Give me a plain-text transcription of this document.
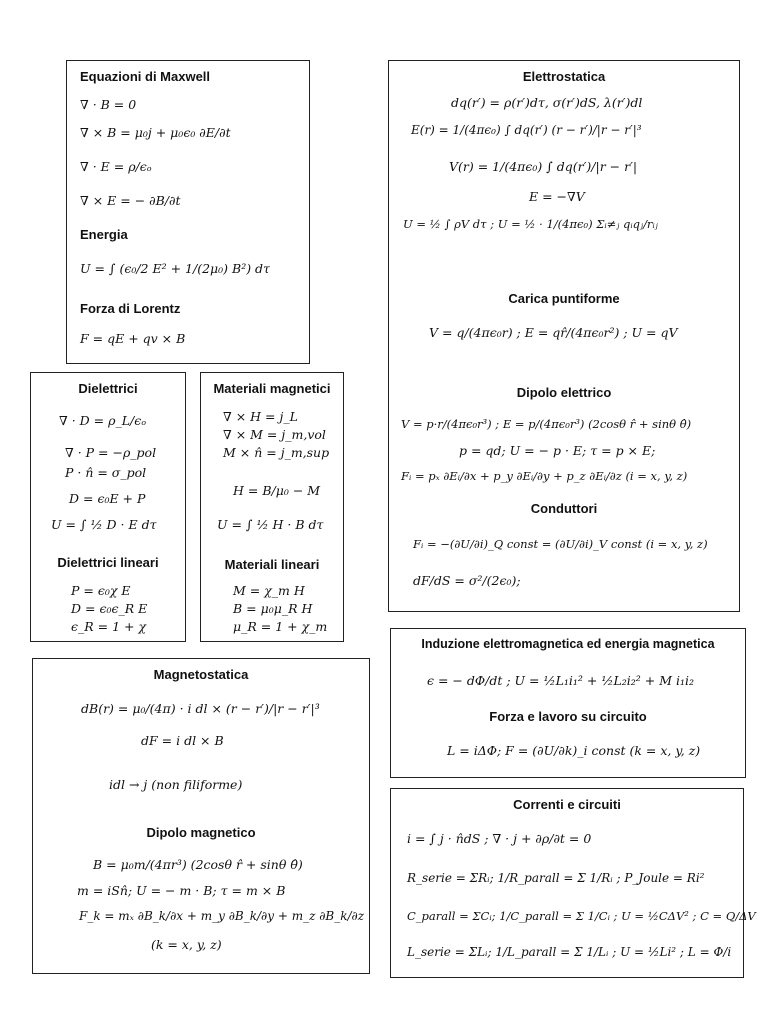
Equazioni di Maxwell
∇ · B = 0
∇ × B = μ₀j + μ₀ϵ₀ ∂E/∂t
∇ · E = ρ/ϵₒ
∇ × E = − ∂B/∂t
Energia
U = ∫ (ϵ₀/2 E² + 1/(2μ₀) B²) dτ
Forza di Lorentz
F = qE + qv × B
Elettrostatica
dq(r′) = ρ(r′)dτ, σ(r′)dS, λ(r′)dl
E(r) = 1/(4πϵ₀) ∫ dq(r′) (r − r′)/|r − r′|³
V(r) = 1/(4πϵ₀) ∫ dq(r′)/|r − r′|
E = −∇V
U = ½ ∫ ρV dτ ; U = ½ · 1/(4πϵ₀) Σᵢ≠ⱼ qᵢqⱼ/rᵢⱼ
Carica puntiforme
V = q/(4πϵ₀r) ; E = qr̂/(4πϵ₀r²) ; U = qV
Dipolo elettrico
V = p·r/(4πϵ₀r³) ; E = p/(4πϵ₀r³) (2cosθ r̂ + sinθ θ̂)
p = qd; U = − p · E; τ = p × E;
Fᵢ = pₓ ∂Eᵢ/∂x + p_y ∂Eᵢ/∂y + p_z ∂Eᵢ/∂z (i = x, y, z)
Conduttori
Fᵢ = −(∂U/∂i)_Q const = (∂U/∂i)_V const (i = x, y, z)
dF/dS = σ²/(2ϵ₀);
Dielettrici
∇ · D = ρ_L/ϵₒ
∇ · P = −ρ_pol
P · n̂ = σ_pol
D = ϵ₀E + P
U = ∫ ½ D · E dτ
Dielettrici lineari
P = ϵ₀χ E
D = ϵ₀ϵ_R E
ϵ_R = 1 + χ
Materiali magnetici
∇ × H = j_L
∇ × M = j_m,vol
M × n̂ = j_m,sup
H = B/μ₀ − M
U = ∫ ½ H · B dτ
Materiali lineari
M = χ_m H
B = μ₀μ_R H
μ_R = 1 + χ_m
Magnetostatica
dB(r) = μ₀/(4π) · i dl × (r − r′)/|r − r′|³
dF = i dl × B
idl → j (non filiforme)
Dipolo magnetico
B = μ₀m/(4πr³) (2cosθ r̂ + sinθ θ̂)
m = iSn̂; U = − m · B; τ = m × B
F_k = mₓ ∂B_k/∂x + m_y ∂B_k/∂y + m_z ∂B_k/∂z
(k = x, y, z)
Induzione elettromagnetica ed energia magnetica
ϵ = − dΦ/dt ; U = ½L₁i₁² + ½L₂i₂² + M i₁i₂
Forza e lavoro su circuito
L = iΔΦ; F = (∂U/∂k)_i const (k = x, y, z)
Correnti e circuiti
i = ∫ j · n̂dS ; ∇ · j + ∂ρ/∂t = 0
R_serie = ΣRᵢ; 1/R_parall = Σ 1/Rᵢ ; P_Joule = Ri²
C_parall = ΣCᵢ; 1/C_parall = Σ 1/Cᵢ ; U = ½CΔV² ; C = Q/ΔV
L_serie = ΣLᵢ; 1/L_parall = Σ 1/Lᵢ ; U = ½Li² ; L = Φ/i
